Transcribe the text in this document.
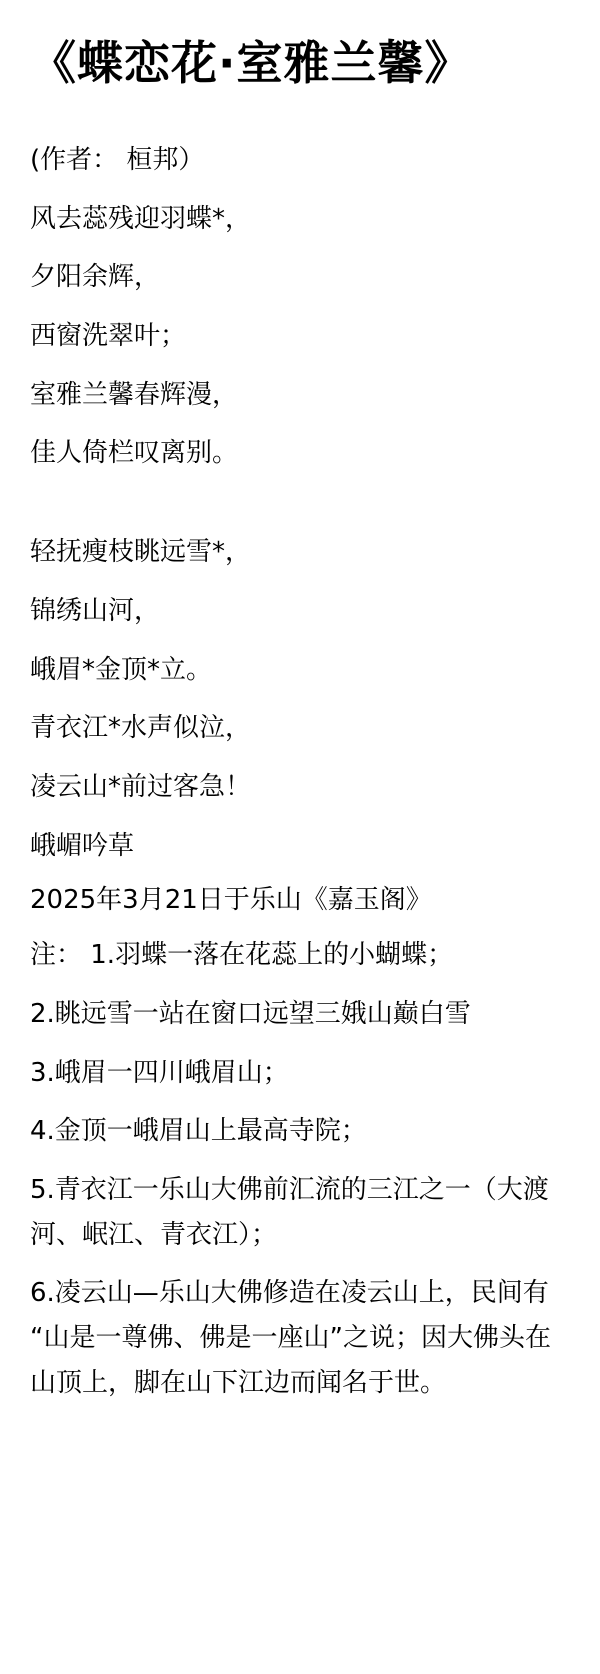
《蝶恋花·室雅兰馨》

(作者： 桓邦）

风去蕊残迎羽蝶*，

夕阳余辉，

西窗洗翠叶；

室雅兰馨春辉漫，

佳人倚栏叹离别。

轻抚瘦枝眺远雪*，

锦绣山河，

峨眉*金顶*立。

青衣江*水声似泣，

凌云山*前过客急！

峨嵋吟草

2025年3月21日于乐山《嘉玉阁》

注： 1.羽蝶一落在花蕊上的小蝴蝶；

2.眺远雪一站在窗口远望三娥山巅白雪

3.峨眉一四川峨眉山；

4.金顶一峨眉山上最高寺院；

5.青衣江一乐山大佛前汇流的三江之一（大渡河、岷江、青衣江）；

6.凌云山—乐山大佛修造在凌云山上，民间有“山是一尊佛、佛是一座山”之说；因大佛头在山顶上，脚在山下江边而闻名于世。
